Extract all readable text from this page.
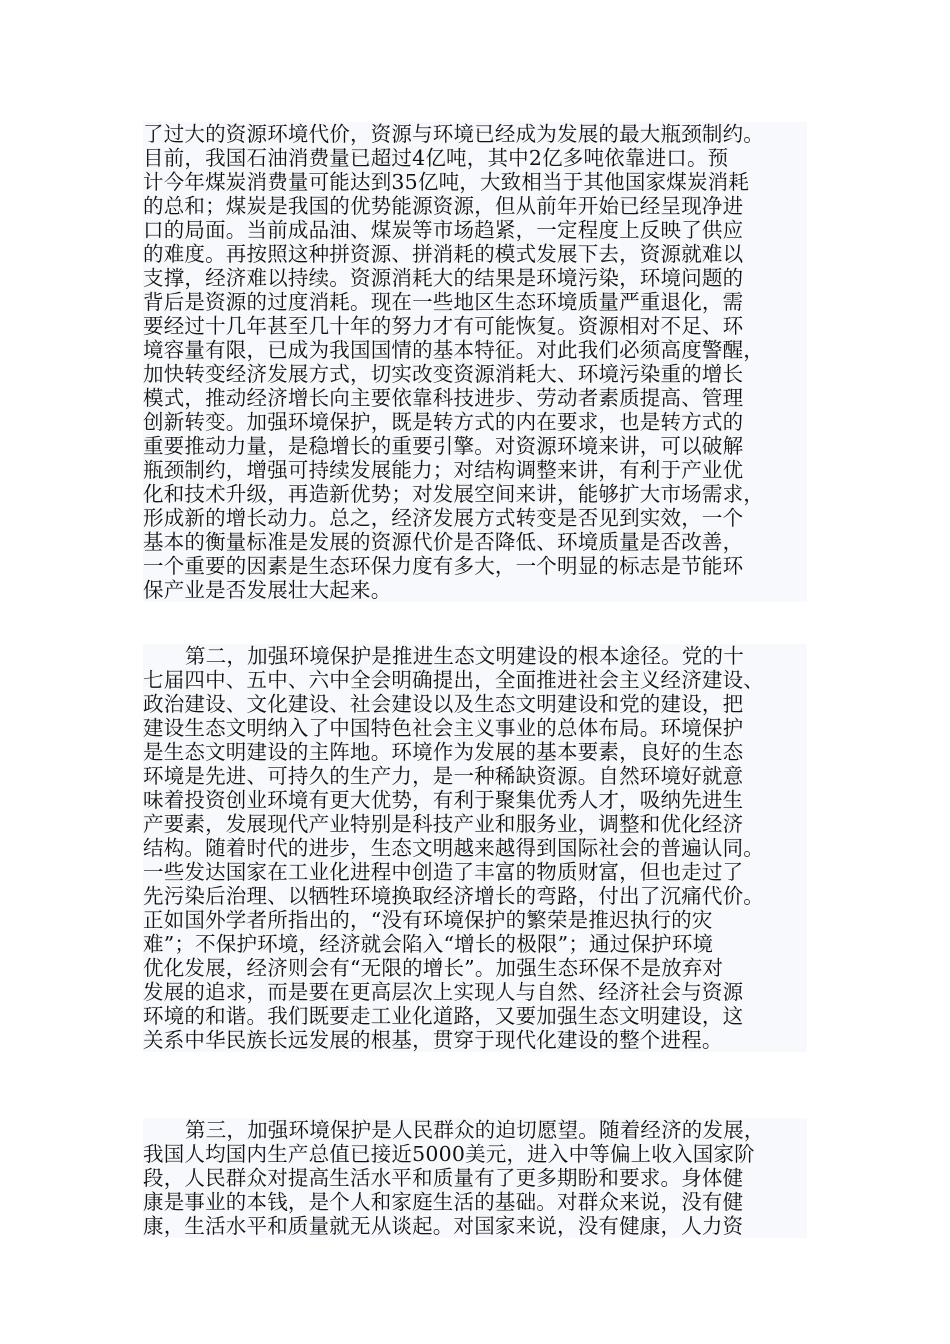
了过大的资源环境代价，资源与环境已经成为发展的最大瓶颈制约。
目前，我国石油消费量已超过4亿吨，其中2亿多吨依靠进口。预
计今年煤炭消费量可能达到35亿吨，大致相当于其他国家煤炭消耗
的总和；煤炭是我国的优势能源资源，但从前年开始已经呈现净进
口的局面。当前成品油、煤炭等市场趋紧，一定程度上反映了供应
的难度。再按照这种拼资源、拼消耗的模式发展下去，资源就难以
支撑，经济难以持续。资源消耗大的结果是环境污染，环境问题的
背后是资源的过度消耗。现在一些地区生态环境质量严重退化，需
要经过十几年甚至几十年的努力才有可能恢复。资源相对不足、环
境容量有限，已成为我国国情的基本特征。对此我们必须高度警醒，
加快转变经济发展方式，切实改变资源消耗大、环境污染重的增长
模式，推动经济增长向主要依靠科技进步、劳动者素质提高、管理
创新转变。加强环境保护，既是转方式的内在要求，也是转方式的
重要推动力量，是稳增长的重要引擎。对资源环境来讲，可以破解
瓶颈制约，增强可持续发展能力；对结构调整来讲，有利于产业优
化和技术升级，再造新优势；对发展空间来讲，能够扩大市场需求，
形成新的增长动力。总之，经济发展方式转变是否见到实效，一个
基本的衡量标准是发展的资源代价是否降低、环境质量是否改善，
一个重要的因素是生态环保力度有多大，一个明显的标志是节能环
保产业是否发展壮大起来。
第二，加强环境保护是推进生态文明建设的根本途径。党的十
七届四中、五中、六中全会明确提出，全面推进社会主义经济建设、
政治建设、文化建设、社会建设以及生态文明建设和党的建设，把
建设生态文明纳入了中国特色社会主义事业的总体布局。环境保护
是生态文明建设的主阵地。环境作为发展的基本要素，良好的生态
环境是先进、可持久的生产力，是一种稀缺资源。自然环境好就意
味着投资创业环境有更大优势，有利于聚集优秀人才，吸纳先进生
产要素，发展现代产业特别是科技产业和服务业，调整和优化经济
结构。随着时代的进步，生态文明越来越得到国际社会的普遍认同。
一些发达国家在工业化进程中创造了丰富的物质财富，但也走过了
先污染后治理、以牺牲环境换取经济增长的弯路，付出了沉痛代价。
正如国外学者所指出的，“没有环境保护的繁荣是推迟执行的灾
难”；不保护环境，经济就会陷入“增长的极限”；通过保护环境
优化发展，经济则会有“无限的增长”。加强生态环保不是放弃对
发展的追求，而是要在更高层次上实现人与自然、经济社会与资源
环境的和谐。我们既要走工业化道路，又要加强生态文明建设，这
关系中华民族长远发展的根基，贯穿于现代化建设的整个进程。
第三，加强环境保护是人民群众的迫切愿望。随着经济的发展，
我国人均国内生产总值已接近5000美元，进入中等偏上收入国家阶
段，人民群众对提高生活水平和质量有了更多期盼和要求。身体健
康是事业的本钱，是个人和家庭生活的基础。对群众来说，没有健
康，生活水平和质量就无从谈起。对国家来说，没有健康，人力资
